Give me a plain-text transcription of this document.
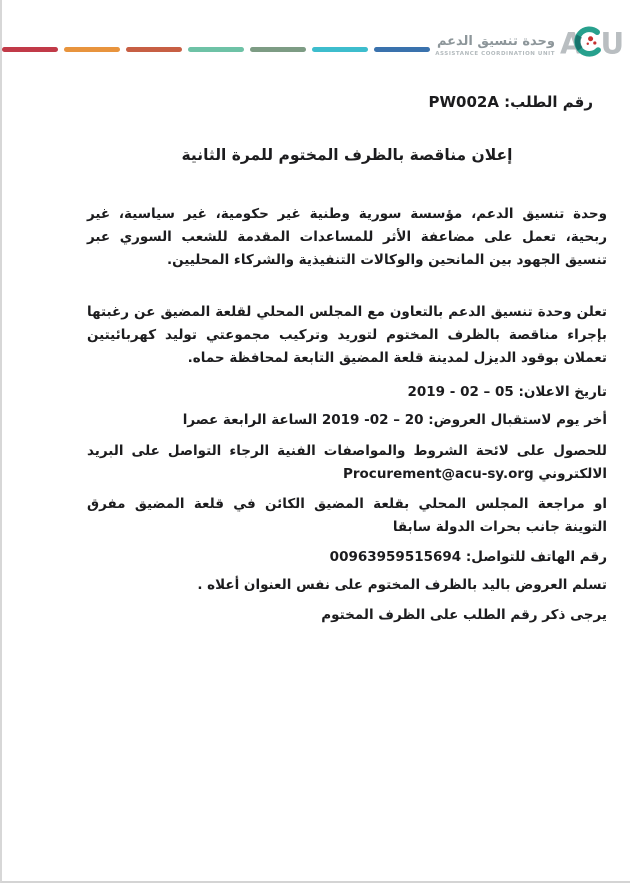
وحدة تنسيق الدعم
ASSISTANCE COORDINATION UNIT A U

رقم الطلب: PW002A

إعلان مناقصة بالظرف المختوم للمرة الثانية

وحدة تنسيق الدعم، مؤسسة سورية وطنية غير حكومية، غير سياسية، غير ربحية، تعمل على مضاعفة الأثر للمساعدات المقدمة للشعب السوري عبر تنسيق الجهود بين المانحين والوكالات التنفيذية والشركاء المحليين.

تعلن وحدة تنسيق الدعم بالتعاون مع المجلس المحلي لقلعة المضيق عن رغبتها بإجراء مناقصة بالظرف المختوم لتوريد وتركيب مجموعتي توليد كهربائيتين تعملان بوقود الديزل لمدينة قلعة المضيق التابعة لمحافظة حماه.

تاريخ الاعلان: 05 – 02 - 2019

أخر يوم لاستقبال العروض: 20 – 02- 2019 الساعة الرابعة عصرا

للحصول على لائحة الشروط والمواصفات الفنية الرجاء التواصل على البريد الالكتروني Procurement@acu-sy.org

او مراجعة المجلس المحلي بقلعة المضيق الكائن في قلعة المضيق مفرق التوينة جانب بحرات الدولة سابقا

رقم الهاتف للتواصل: 00963959515694

تسلم العروض باليد بالظرف المختوم على نفس العنوان أعلاه .

يرجى ذكر رقم الطلب على الظرف المختوم
